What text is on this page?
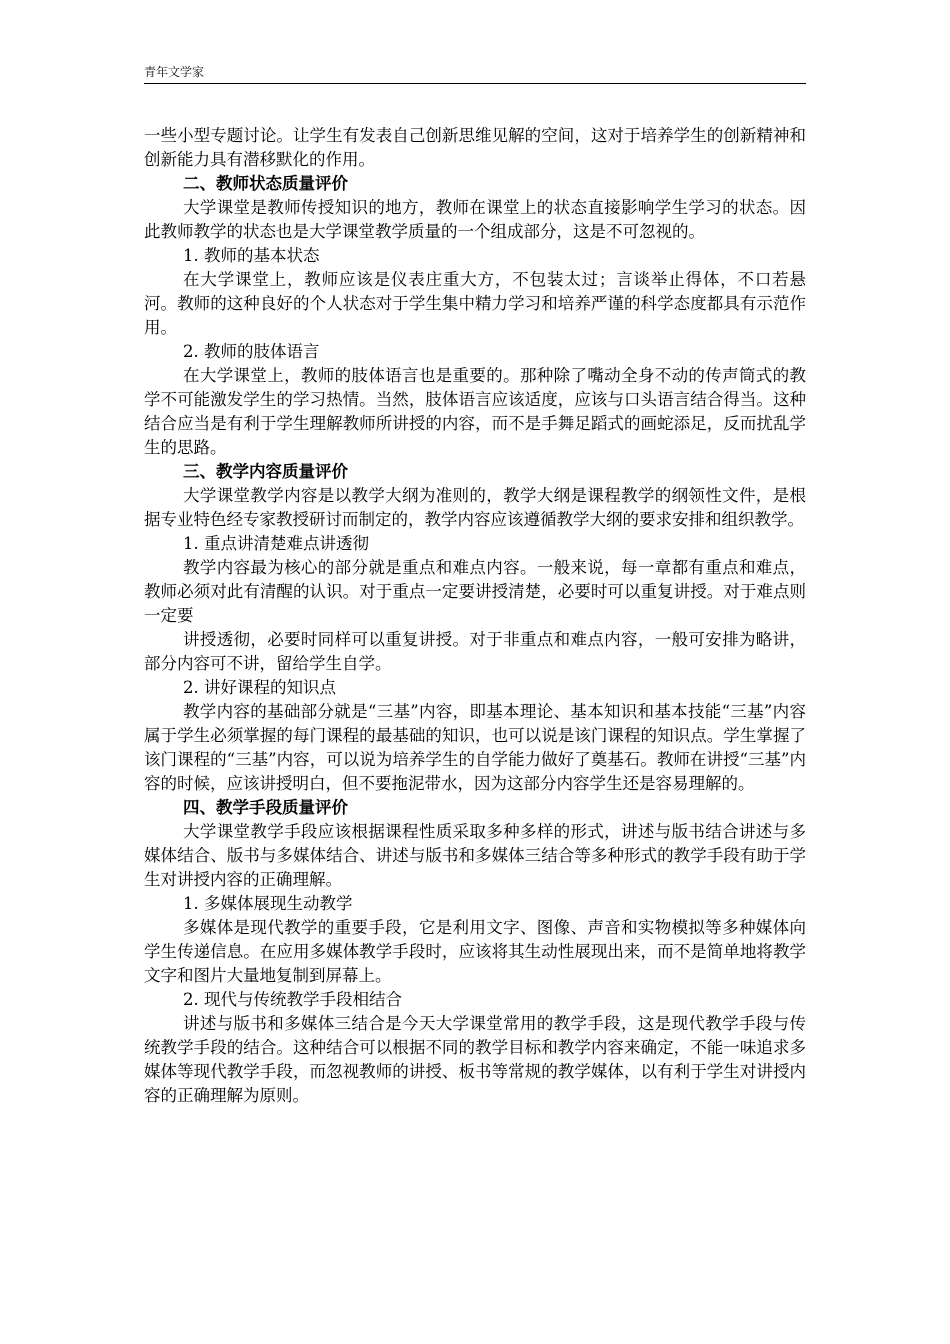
青年文学家

一些小型专题讨论。让学生有发表自己创新思维见解的空间，这对于培养学生的创新精神和创新能力具有潜移默化的作用。

二、教师状态质量评价

大学课堂是教师传授知识的地方，教师在课堂上的状态直接影响学生学习的状态。因此教师教学的状态也是大学课堂教学质量的一个组成部分，这是不可忽视的。

1. 教师的基本状态

在大学课堂上，教师应该是仪表庄重大方，不包装太过；言谈举止得体，不口若悬河。教师的这种良好的个人状态对于学生集中精力学习和培养严谨的科学态度都具有示范作用。

2. 教师的肢体语言

在大学课堂上，教师的肢体语言也是重要的。那种除了嘴动全身不动的传声筒式的教学不可能激发学生的学习热情。当然，肢体语言应该适度，应该与口头语言结合得当。这种结合应当是有利于学生理解教师所讲授的内容，而不是手舞足蹈式的画蛇添足，反而扰乱学生的思路。

三、教学内容质量评价

大学课堂教学内容是以教学大纲为准则的，教学大纲是课程教学的纲领性文件，是根据专业特色经专家教授研讨而制定的，教学内容应该遵循教学大纲的要求安排和组织教学。

1. 重点讲清楚难点讲透彻

教学内容最为核心的部分就是重点和难点内容。一般来说，每一章都有重点和难点，教师必须对此有清醒的认识。对于重点一定要讲授清楚，必要时可以重复讲授。对于难点则一定要

讲授透彻，必要时同样可以重复讲授。对于非重点和难点内容，一般可安排为略讲，部分内容可不讲，留给学生自学。

2. 讲好课程的知识点

教学内容的基础部分就是“三基”内容，即基本理论、基本知识和基本技能“三基”内容属于学生必须掌握的每门课程的最基础的知识，也可以说是该门课程的知识点。学生掌握了该门课程的“三基”内容，可以说为培养学生的自学能力做好了奠基石。教师在讲授“三基”内容的时候，应该讲授明白，但不要拖泥带水，因为这部分内容学生还是容易理解的。

四、教学手段质量评价

大学课堂教学手段应该根据课程性质采取多种多样的形式，讲述与版书结合讲述与多媒体结合、版书与多媒体结合、讲述与版书和多媒体三结合等多种形式的教学手段有助于学生对讲授内容的正确理解。

1. 多媒体展现生动教学

多媒体是现代教学的重要手段，它是利用文字、图像、声音和实物模拟等多种媒体向学生传递信息。在应用多媒体教学手段时，应该将其生动性展现出来，而不是简单地将教学文字和图片大量地复制到屏幕上。

2. 现代与传统教学手段相结合

讲述与版书和多媒体三结合是今天大学课堂常用的教学手段，这是现代教学手段与传统教学手段的结合。这种结合可以根据不同的教学目标和教学内容来确定，不能一味追求多媒体等现代教学手段，而忽视教师的讲授、板书等常规的教学媒体，以有利于学生对讲授内容的正确理解为原则。
